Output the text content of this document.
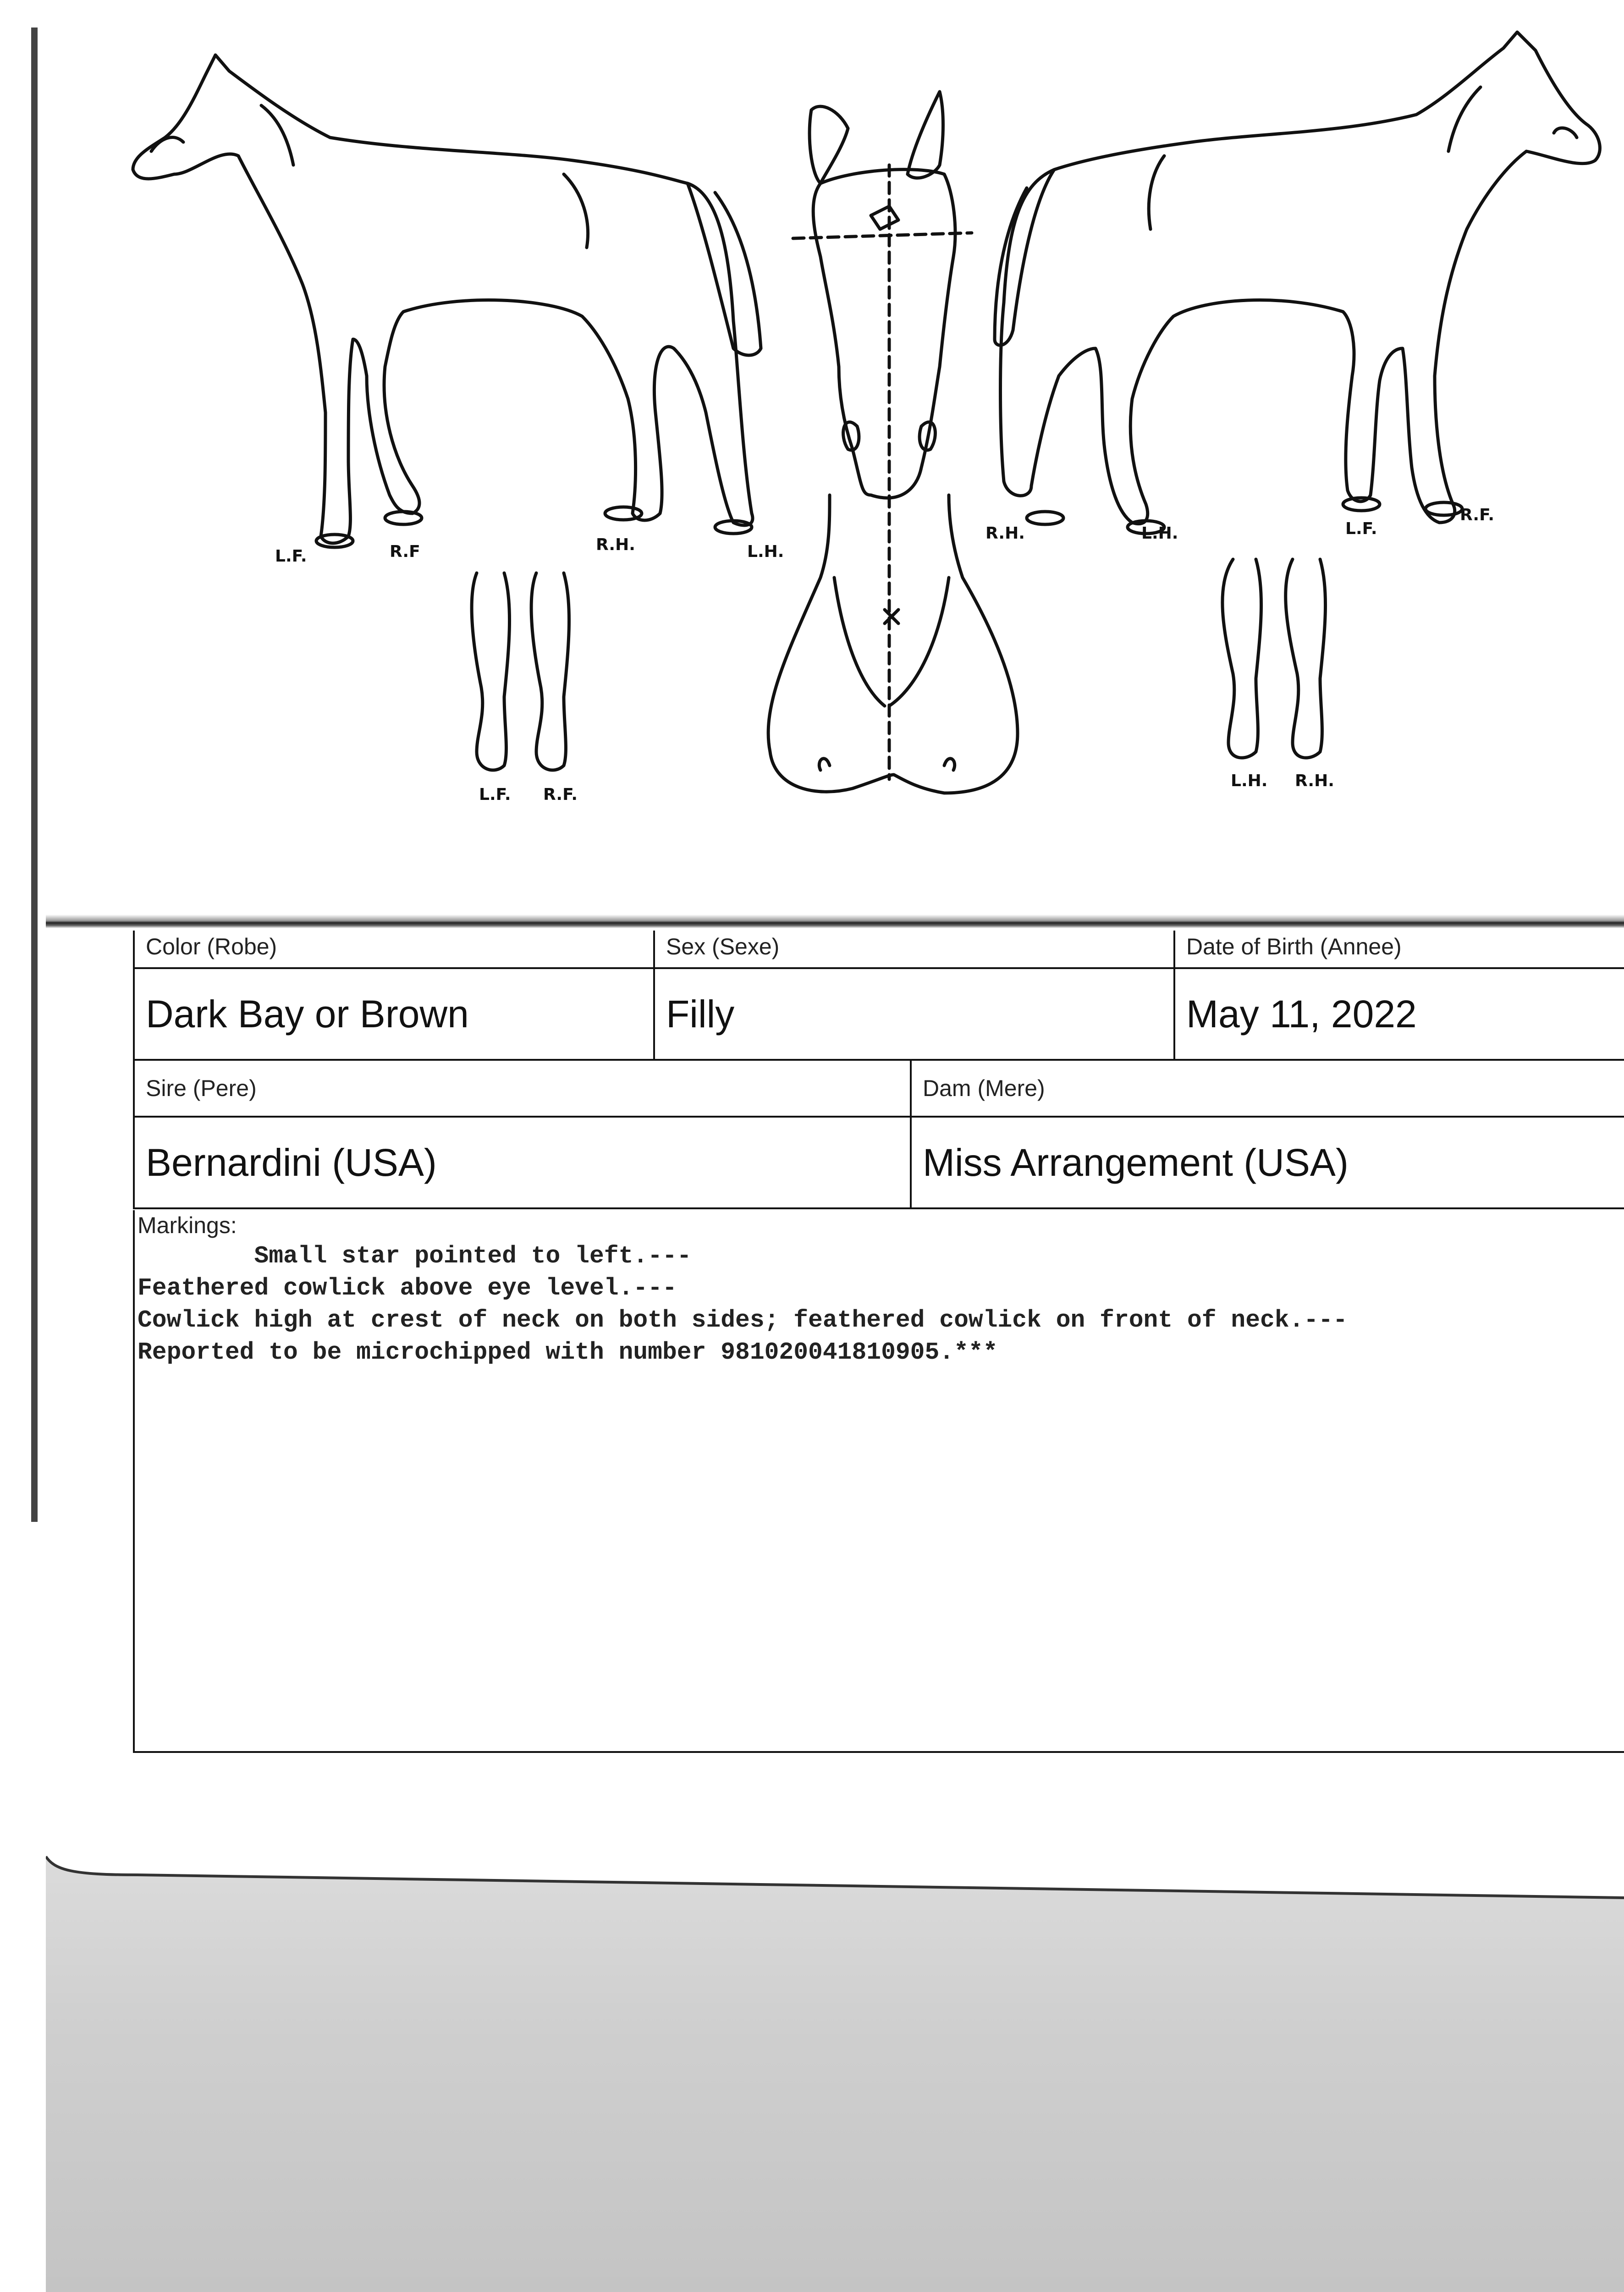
L.F.	R.F	R.H.	L.H.
L.F. R.F.
R.H.	L.H.	L.F.
R.F.
L.H. R.H.
Color (Robe)	Sex (Sexe)	Date of Birth (Annee)
Dark Bay or Brown	Filly	May 11, 2022
Sire (Pere)	Dam (Mere)
Bernardini (USA)	Miss Arrangement (USA)
Markings:
Small star pointed to left.---
Feathered cowlick above eye level.---
Cowlick high at crest of neck on both sides; feathered cowlick on front of neck.---
Reported to be microchipped with number 981020041810905.***
